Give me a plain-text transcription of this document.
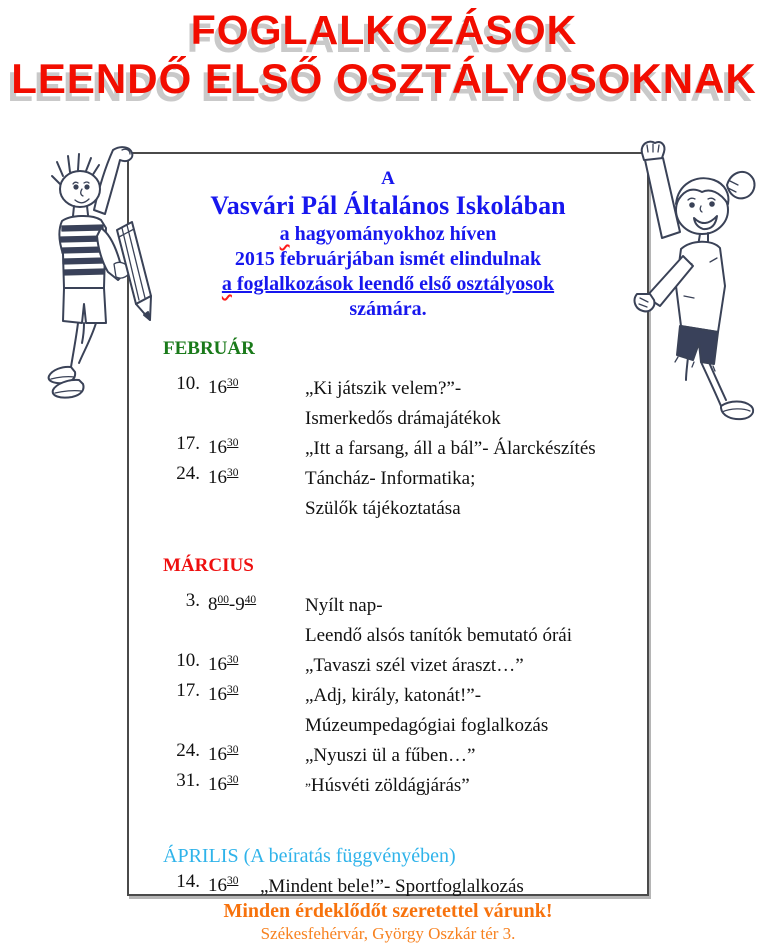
FOGLALKOZÁSOK
LEENDŐ ELSŐ OSZTÁLYOSOKNAK
A
Vasvári Pál Általános Iskolában
a hagyományokhoz híven
2015 februárjában ismét elindulnak
a foglalkozások leendő első osztályosok
számára.
FEBRUÁR
10. $16^{30}$	„Ki játszik velem?”-
Ismerkedős drámajátékok
17. $16^{30}$	„Itt a farsang, áll a bál”- Álarckészítés
24. $16^{30}$	Táncház- Informatika;
Szülők tájékoztatása
MÁRCIUS
3. $8^{00}-9^{40}$	Nyílt nap-
Leendő alsós tanítók bemutató órái
10. $16^{30}$	„Tavaszi szél vizet áraszt…”
17. $16^{30}$	„Adj, király, katonát!”-
Múzeumpedagógiai foglalkozás
24. $16^{30}$	„Nyuszi ül a fűben…”
31. $16^{30}$	„Húsvéti zöldágjárás”
ÁPRILIS (A beíratás függvényében)
14. $16^{30}$	„Mindent bele!”- Sportfoglalkozás
Minden érdeklődőt szeretettel várunk!
Székesfehérvár, György Oszkár tér 3.
